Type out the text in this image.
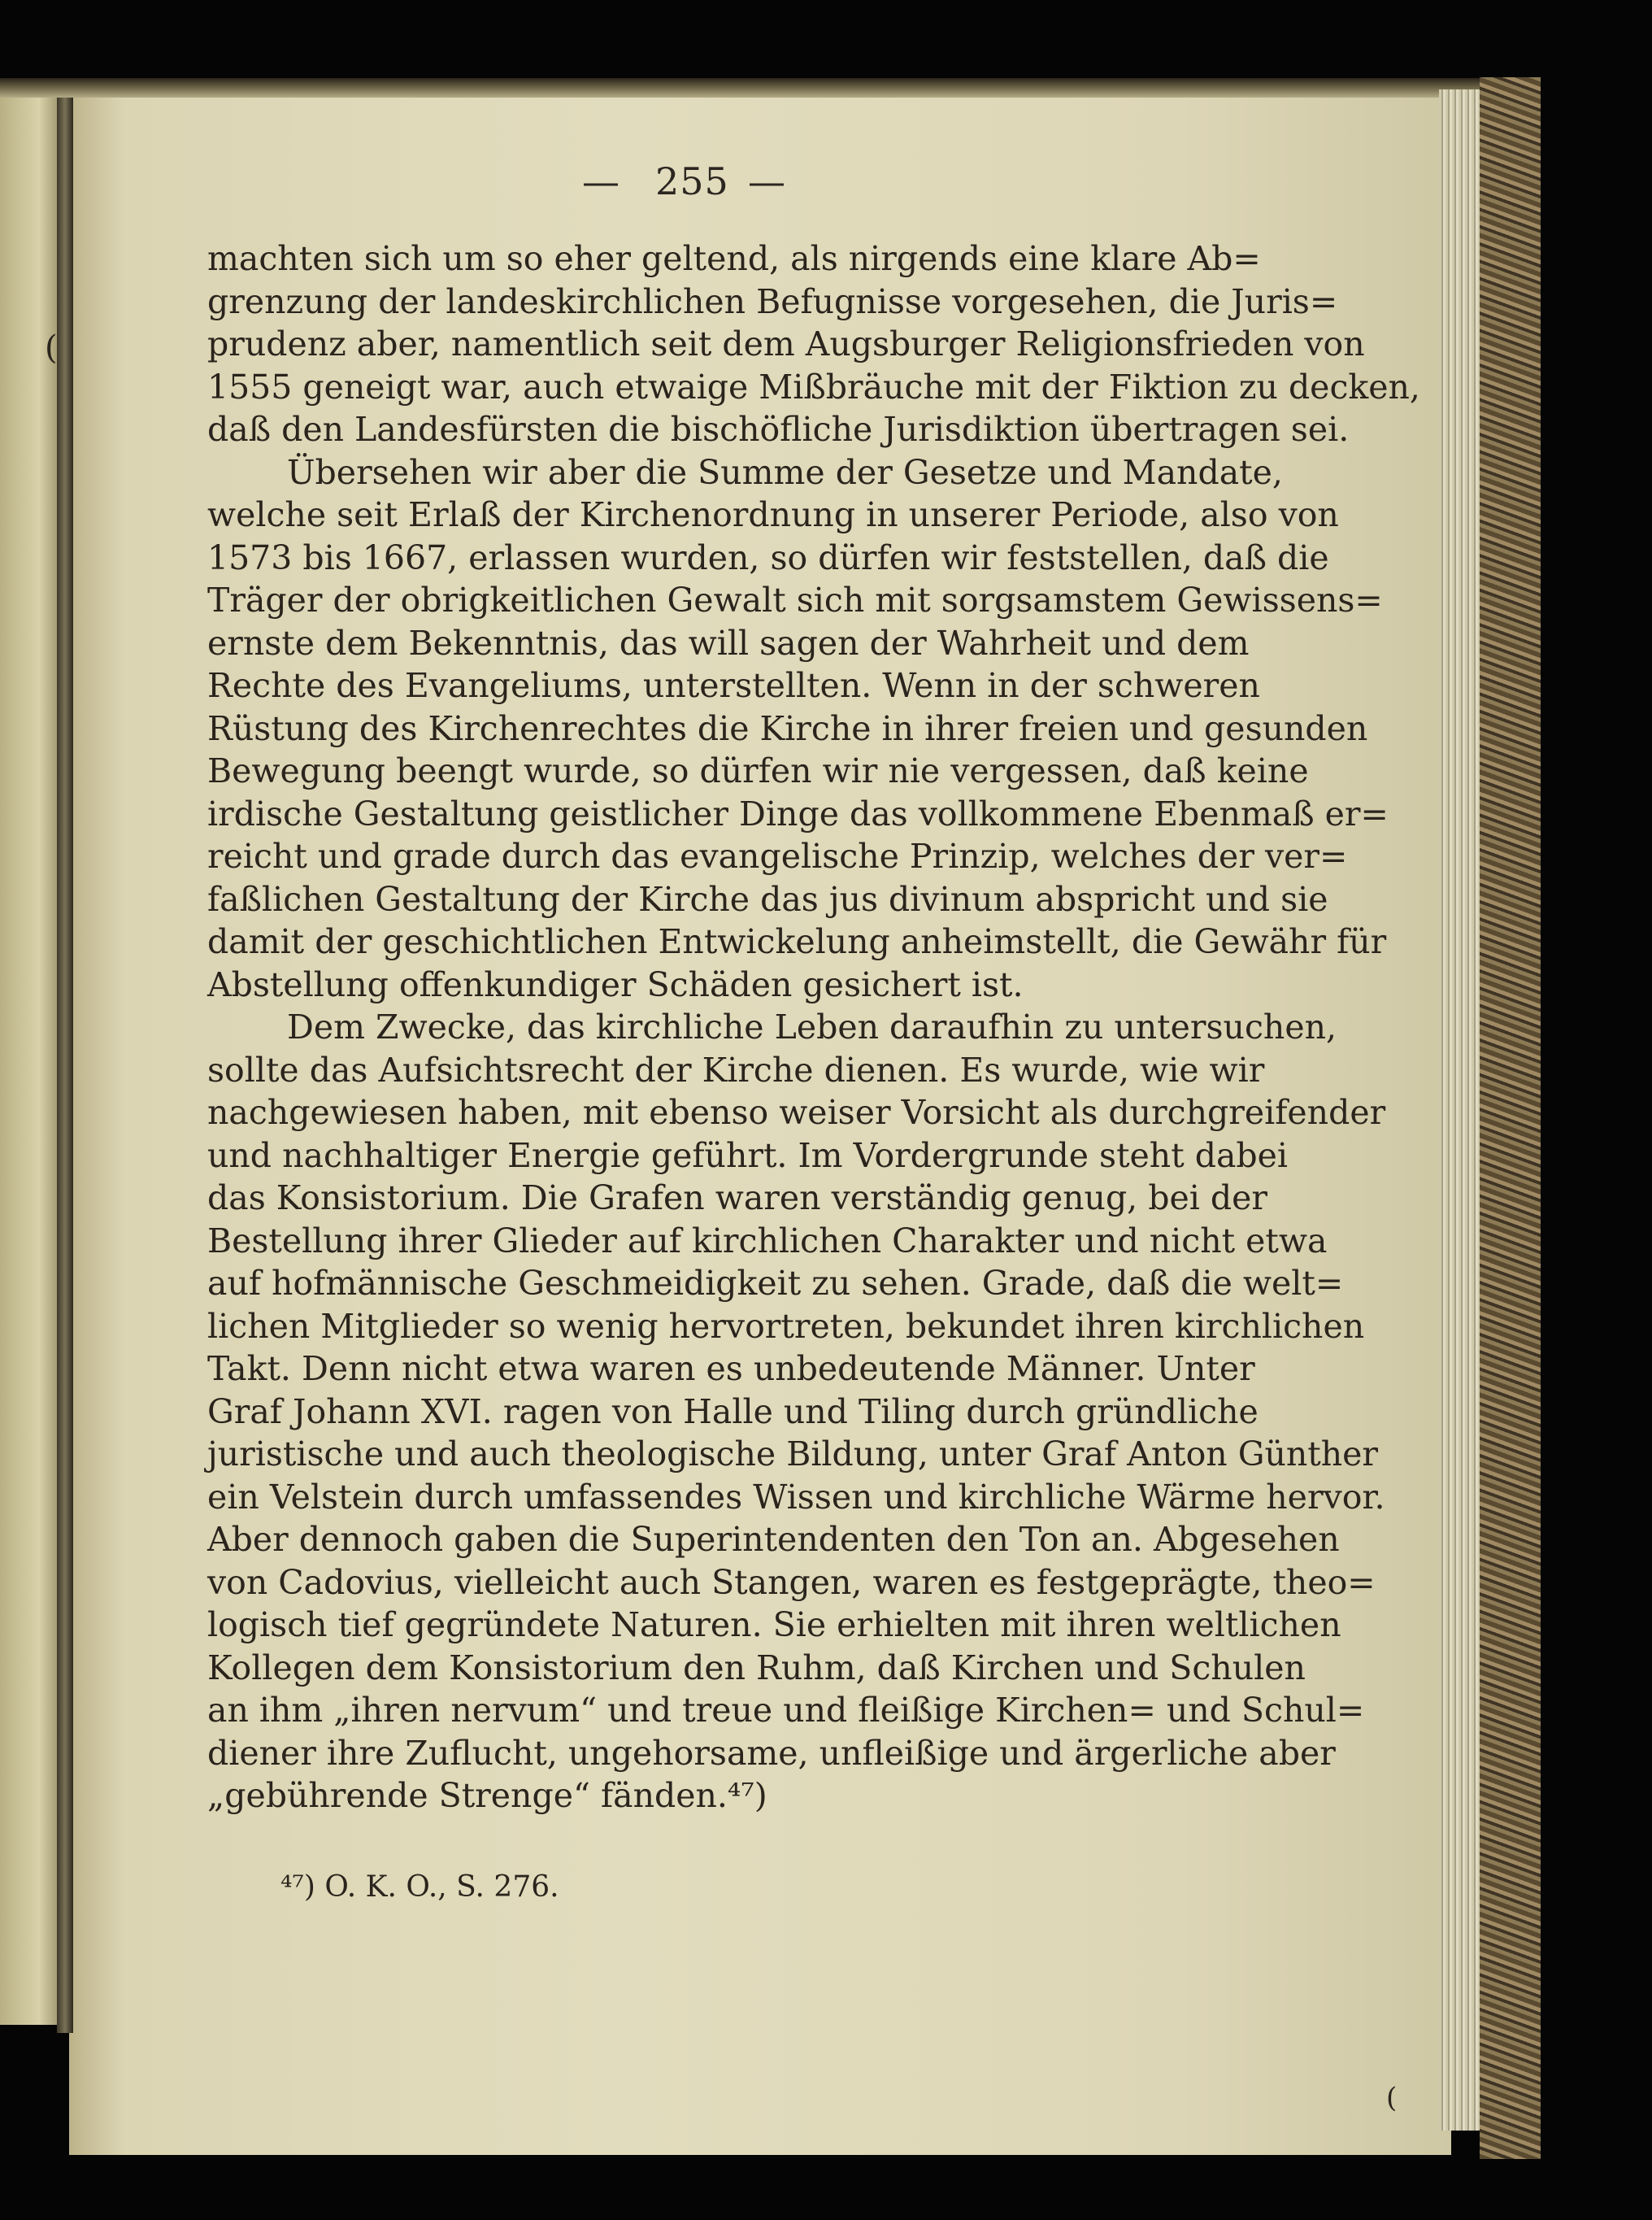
(
— 255 —
machten sich um so eher geltend, als nirgends eine klare Ab=
grenzung der landeskirchlichen Befugnisse vorgesehen, die Juris=
prudenz aber, namentlich seit dem Augsburger Religionsfrieden von
1555 geneigt war, auch etwaige Mißbräuche mit der Fiktion zu decken,
daß den Landesfürsten die bischöfliche Jurisdiktion übertragen sei.
Übersehen wir aber die Summe der Gesetze und Mandate,
welche seit Erlaß der Kirchenordnung in unserer Periode, also von
1573 bis 1667, erlassen wurden, so dürfen wir feststellen, daß die
Träger der obrigkeitlichen Gewalt sich mit sorgsamstem Gewissens=
ernste dem Bekenntnis, das will sagen der Wahrheit und dem
Rechte des Evangeliums, unterstellten. Wenn in der schweren
Rüstung des Kirchenrechtes die Kirche in ihrer freien und gesunden
Bewegung beengt wurde, so dürfen wir nie vergessen, daß keine
irdische Gestaltung geistlicher Dinge das vollkommene Ebenmaß er=
reicht und grade durch das evangelische Prinzip, welches der ver=
faßlichen Gestaltung der Kirche das jus divinum abspricht und sie
damit der geschichtlichen Entwickelung anheimstellt, die Gewähr für
Abstellung offenkundiger Schäden gesichert ist.
Dem Zwecke, das kirchliche Leben daraufhin zu untersuchen,
sollte das Aufsichtsrecht der Kirche dienen. Es wurde, wie wir
nachgewiesen haben, mit ebenso weiser Vorsicht als durchgreifender
und nachhaltiger Energie geführt. Im Vordergrunde steht dabei
das Konsistorium. Die Grafen waren verständig genug, bei der
Bestellung ihrer Glieder auf kirchlichen Charakter und nicht etwa
auf hofmännische Geschmeidigkeit zu sehen. Grade, daß die welt=
lichen Mitglieder so wenig hervortreten, bekundet ihren kirchlichen
Takt. Denn nicht etwa waren es unbedeutende Männer. Unter
Graf Johann XVI. ragen von Halle und Tiling durch gründliche
juristische und auch theologische Bildung, unter Graf Anton Günther
ein Velstein durch umfassendes Wissen und kirchliche Wärme hervor.
Aber dennoch gaben die Superintendenten den Ton an. Abgesehen
von Cadovius, vielleicht auch Stangen, waren es festgeprägte, theo=
logisch tief gegründete Naturen. Sie erhielten mit ihren weltlichen
Kollegen dem Konsistorium den Ruhm, daß Kirchen und Schulen
an ihm „ihren nervum“ und treue und fleißige Kirchen= und Schul=
diener ihre Zuflucht, ungehorsame, unfleißige und ärgerliche aber
„gebührende Strenge“ fänden.⁴⁷)
⁴⁷) O. K. O., S. 276.
(
